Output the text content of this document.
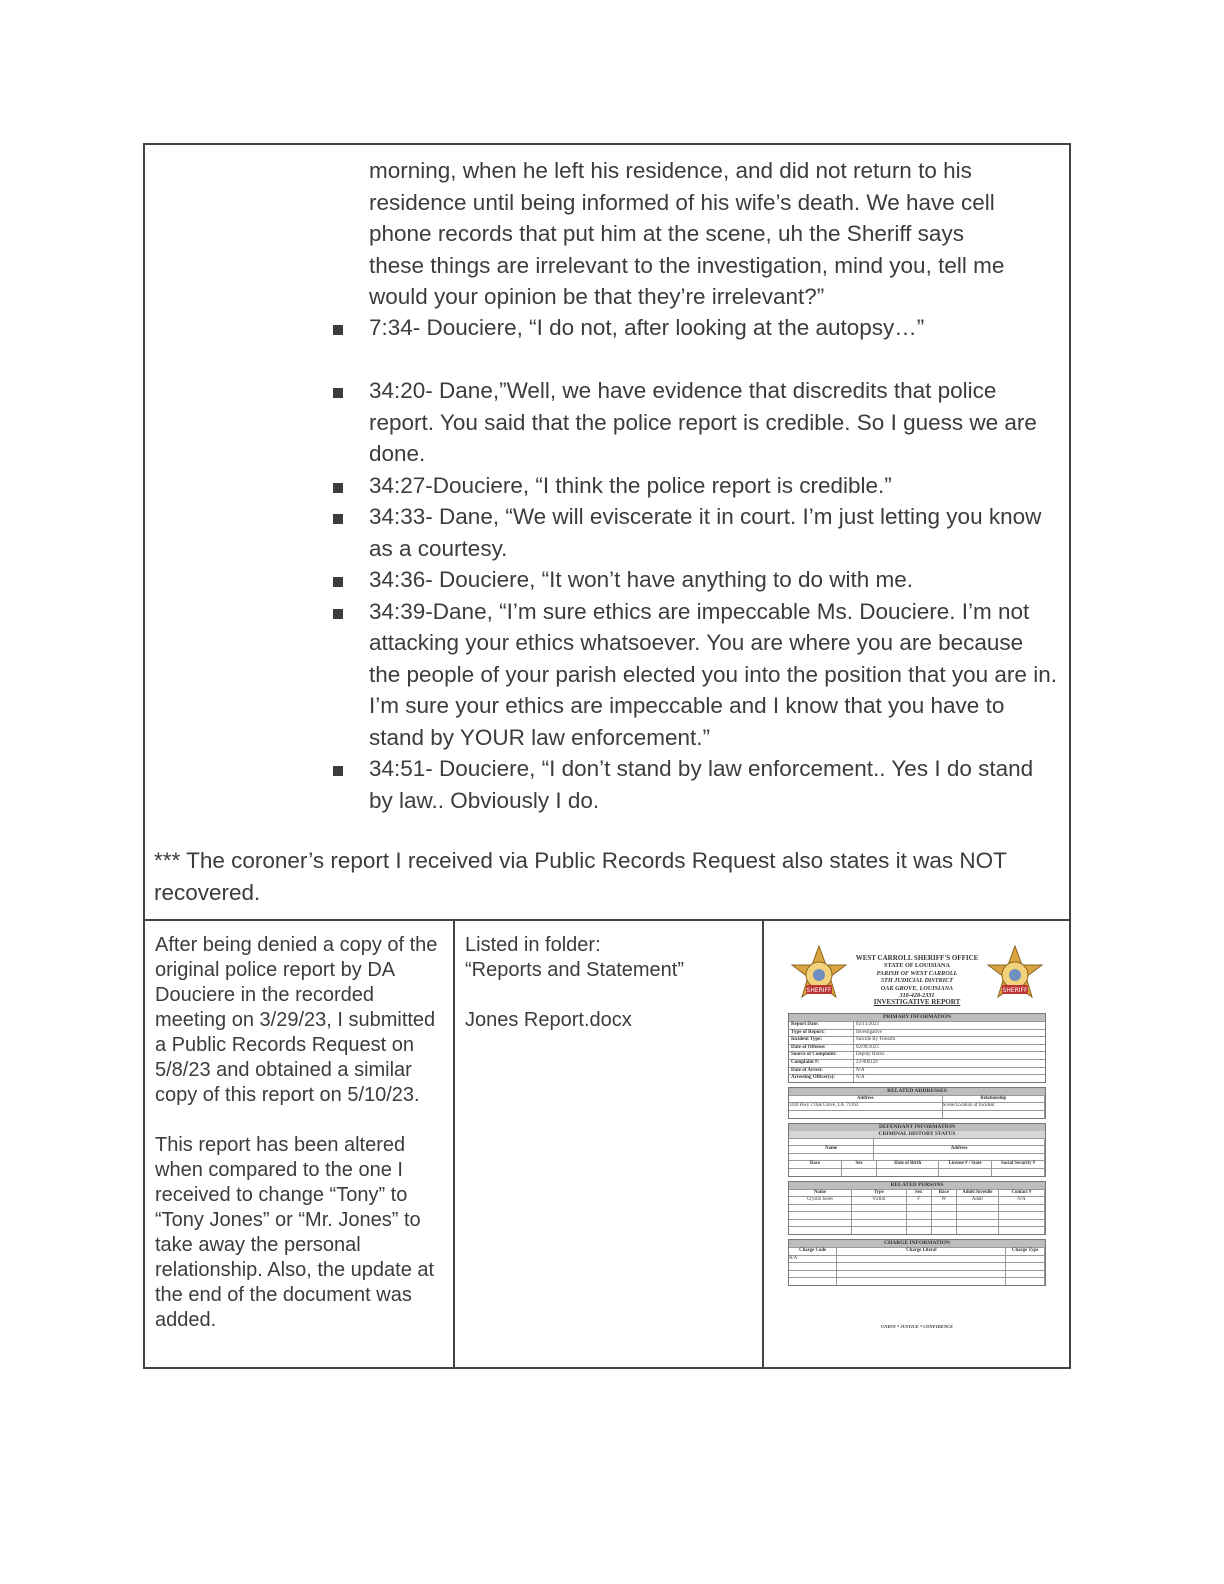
morning, when he left his residence, and did not return to his
residence until being informed of his wife’s death. We have cell
phone records that put him at the scene, uh the Sheriff says
these things are irrelevant to the investigation, mind you, tell me
would your opinion be that they’re irrelevant?”
7:34- Douciere, “I do not, after looking at the autopsy…”
34:20- Dane,”Well, we have evidence that discredits that police report. You said that the police report is credible. So I guess we are done.
34:27-Douciere, “I think the police report is credible.”
34:33- Dane, “We will eviscerate it in court. I’m just letting you know as a courtesy.
34:36- Douciere, “It won’t have anything to do with me.
34:39-Dane, “I’m sure ethics are impeccable Ms. Douciere. I’m not attacking your ethics whatsoever. You are where you are because the people of your parish elected you into the position that you are in. I’m sure your ethics are impeccable and I know that you have to stand by YOUR law enforcement.”
34:51- Douciere, “I don’t stand by law enforcement.. Yes I do stand by law.. Obviously I do.
*** The coroner’s report I received via Public Records Request also states it was NOT recovered.
After being denied a copy of the original police report by DA Douciere in the recorded meeting on 3/29/23, I submitted a Public Records Request on 5/8/23 and obtained a similar copy of this report on 5/10/23.
This report has been altered when compared to the one I received to change “Tony” to “Tony Jones” or “Mr. Jones” to take away the personal relationship. Also, the update at the end of the document was added.
Listed in folder:
“Reports and Statement”
Jones Report.docx
SHERIFF
WEST CARROLL SHERIFF'S OFFICE
STATE OF LOUISIANA
PARISH OF WEST CARROLL
5TH JUDICIAL DISTRICT
OAK GROVE, LOUISIANA
318-428-2331
INVESTIGATIVE REPORT
SHERIFF
PRIMARY INFORMATION
Report Date:	02/13/2023
Type of Report:	Investigative
Incident Type:	Suicide By Firearm
Date of Offense:	02/09/2023
Source of Complaint:	Deputy Harris
Complaint #:	23-000129
Date of Arrest:	N/A
Arresting Officer(s):	N/A
RELATED ADDRESSES
Address	Relationship
1438 Hwy 2 Oak Grove, LA. 71263	Scene/Location of Incident
DEFENDANT INFORMATION
CRIMINAL HISTORY STATUS
Name	Address
Race	Sex	Date of Birth	License # / State	Social Security #
RELATED PERSONS
Name	Type	Sex	Race	Adult/Juvenile	Contact #
Crystal Jones	Victim	F	W	Adult	N/A
CHARGE INFORMATION
Charge Code	Charge Literal	Charge Type
N/A
UNION * JUSTICE * CONFIDENCE
